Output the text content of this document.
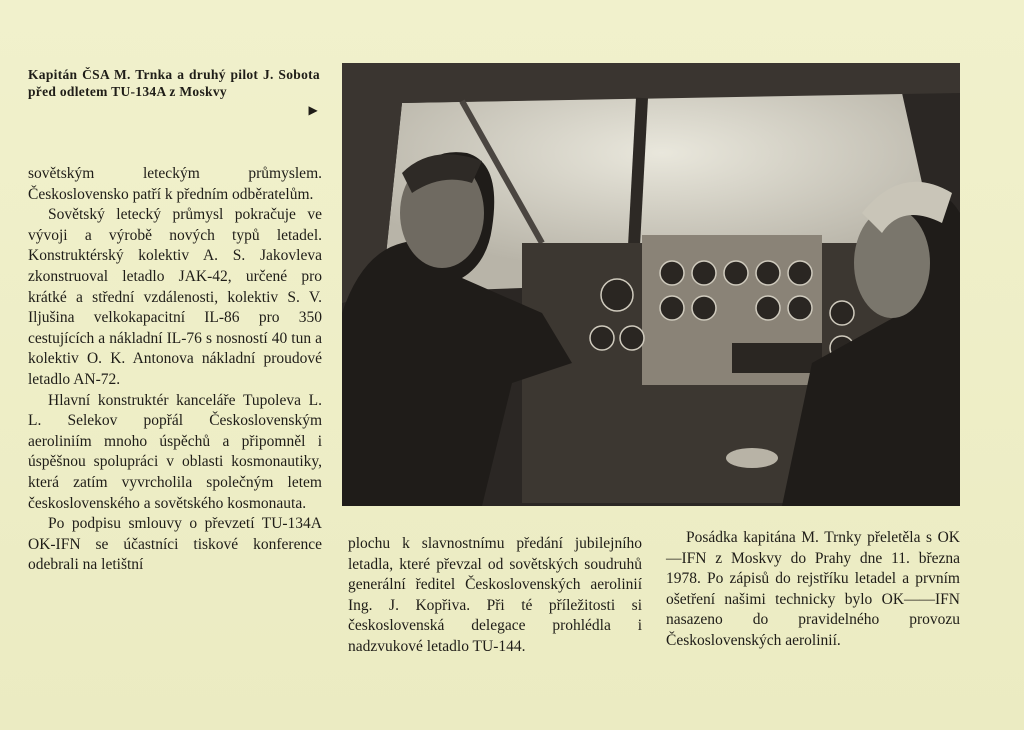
Kapitán ČSA M. Trnka a druhý pilot J. Sobota před odletem TU-134A z Moskvy
▶

sovětským leteckým průmyslem. Československo patří k předním odběratelům.

Sovětský letecký průmysl pokračuje ve vývoji a výrobě nových typů letadel. Konstruktérský kolektiv A. S. Jakovleva zkonstruoval letadlo JAK-42, určené pro krátké a střední vzdálenosti, kolektiv S. V. Iljušina velkokapacitní IL-86 pro 350 cestujících a nákladní IL-76 s nosností 40 tun a kolektiv O. K. Antonova nákladní proudové letadlo AN-72.

Hlavní konstruktér kanceláře Tupoleva L. L. Selekov popřál Československým aeroliniím mnoho úspěchů a připomněl i úspěšnou spolupráci v oblasti kosmonautiky, která zatím vyvrcholila společným letem československého a sovětského kosmonauta.

Po podpisu smlouvy o převzetí TU-134A OK-IFN se účastníci tiskové konference odebrali na letištní

plochu k slavnostnímu předání jubilejního letadla, které převzal od sovětských soudruhů generální ředitel Československých aerolinií Ing. J. Kopřiva. Při té příležitosti si československá delegace prohlédla i nadzvukové letadlo TU-144.

Posádka kapitána M. Trnky přeletěla s OK—IFN z Moskvy do Prahy dne 11. března 1978. Po zápisů do rejstříku letadel a prvním ošetření našimi technicky bylo OK——IFN nasazeno do pravidelného provozu Československých aerolinií.
